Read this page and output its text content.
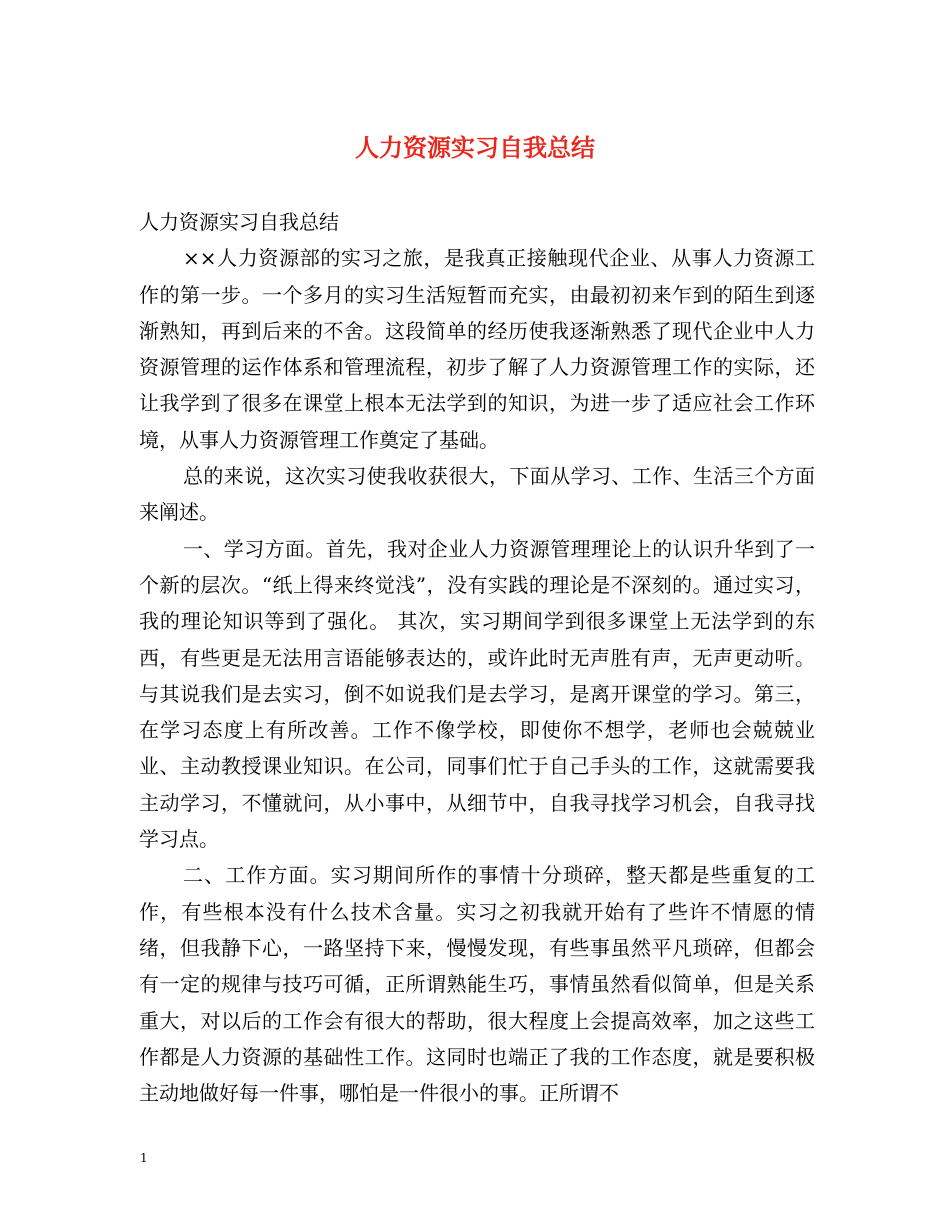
人力资源实习自我总结

人力资源实习自我总结

××人力资源部的实习之旅，是我真正接触现代企业、从事人力资源工作的第一步。一个多月的实习生活短暂而充实，由最初初来乍到的陌生到逐渐熟知，再到后来的不舍。这段简单的经历使我逐渐熟悉了现代企业中人力资源管理的运作体系和管理流程，初步了解了人力资源管理工作的实际，还让我学到了很多在课堂上根本无法学到的知识，为进一步了适应社会工作环境，从事人力资源管理工作奠定了基础。

总的来说，这次实习使我收获很大，下面从学习、工作、生活三个方面来阐述。

一、学习方面。首先，我对企业人力资源管理理论上的认识升华到了一个新的层次。“纸上得来终觉浅”，没有实践的理论是不深刻的。通过实习，我的理论知识等到了强化。 其次，实习期间学到很多课堂上无法学到的东西，有些更是无法用言语能够表达的，或许此时无声胜有声，无声更动听。与其说我们是去实习，倒不如说我们是去学习，是离开课堂的学习。第三，在学习态度上有所改善。工作不像学校，即使你不想学，老师也会兢兢业业、主动教授课业知识。在公司，同事们忙于自己手头的工作，这就需要我主动学习，不懂就问，从小事中，从细节中，自我寻找学习机会，自我寻找学习点。

二、工作方面。实习期间所作的事情十分琐碎，整天都是些重复的工作，有些根本没有什么技术含量。实习之初我就开始有了些许不情愿的情绪，但我静下心，一路坚持下来，慢慢发现，有些事虽然平凡琐碎，但都会有一定的规律与技巧可循，正所谓熟能生巧，事情虽然看似简单，但是关系重大，对以后的工作会有很大的帮助，很大程度上会提高效率，加之这些工作都是人力资源的基础性工作。这同时也端正了我的工作态度，就是要积极主动地做好每一件事，哪怕是一件很小的事。正所谓不

1
